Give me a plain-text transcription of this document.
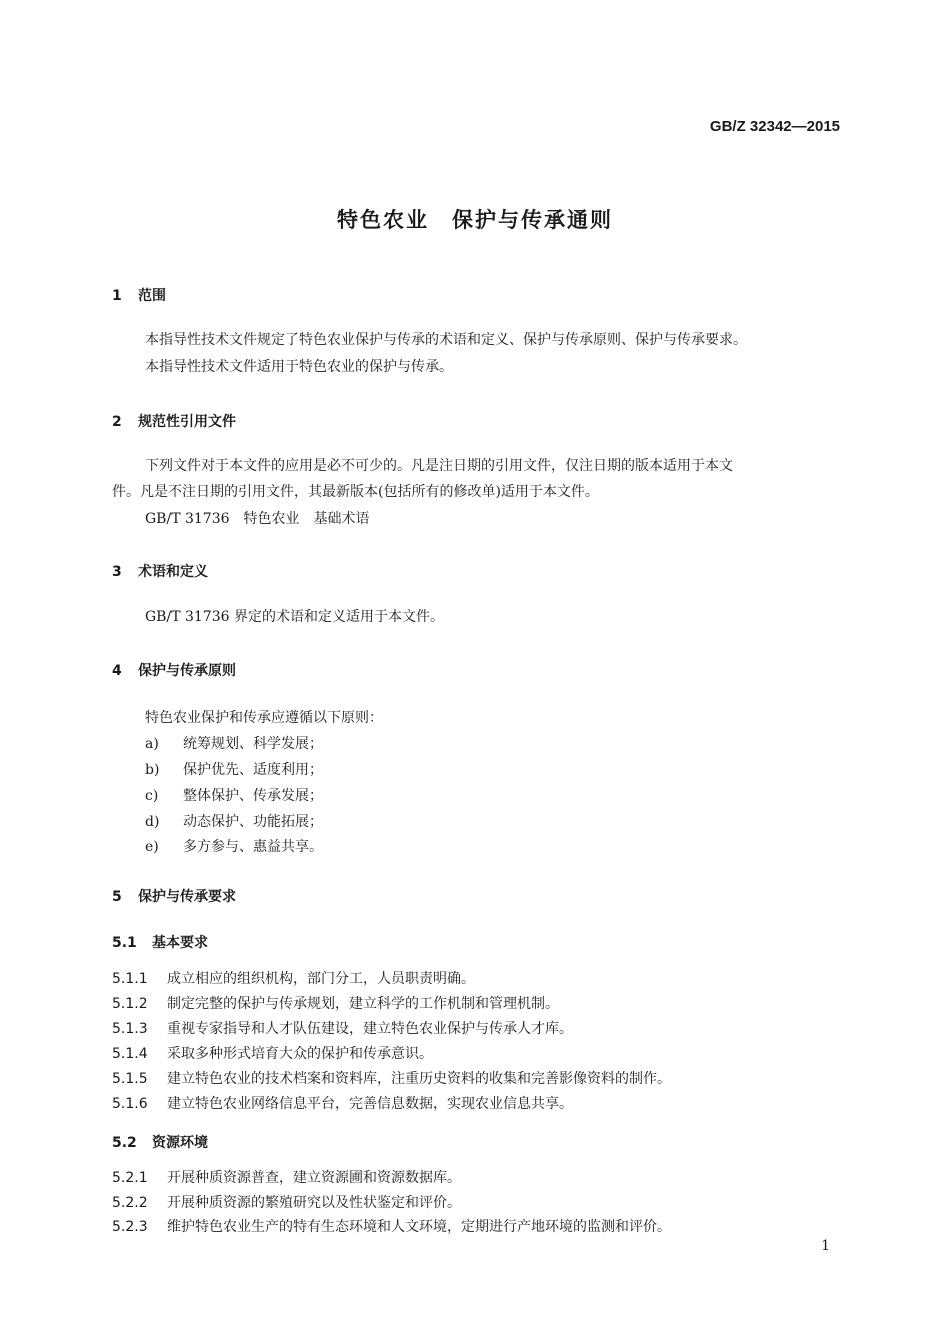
GB/Z 32342—2015
特色农业　保护与传承通则
1 范围
本指导性技术文件规定了特色农业保护与传承的术语和定义、保护与传承原则、保护与传承要求。
本指导性技术文件适用于特色农业的保护与传承。
2 规范性引用文件
下列文件对于本文件的应用是必不可少的。凡是注日期的引用文件，仅注日期的版本适用于本文
件。凡是不注日期的引用文件，其最新版本(包括所有的修改单)适用于本文件。
GB/T 31736　特色农业　基础术语
3 术语和定义
GB/T 31736 界定的术语和定义适用于本文件。
4 保护与传承原则
特色农业保护和传承应遵循以下原则：
a) 统筹规划、科学发展；
b) 保护优先、适度利用；
c) 整体保护、传承发展；
d) 动态保护、功能拓展；
e) 多方参与、惠益共享。
5 保护与传承要求
5.1 基本要求
5.1.1 成立相应的组织机构，部门分工，人员职责明确。
5.1.2 制定完整的保护与传承规划，建立科学的工作机制和管理机制。
5.1.3 重视专家指导和人才队伍建设，建立特色农业保护与传承人才库。
5.1.4 采取多种形式培育大众的保护和传承意识。
5.1.5 建立特色农业的技术档案和资料库，注重历史资料的收集和完善影像资料的制作。
5.1.6 建立特色农业网络信息平台，完善信息数据，实现农业信息共享。
5.2 资源环境
5.2.1 开展种质资源普查，建立资源圃和资源数据库。
5.2.2 开展种质资源的繁殖研究以及性状鉴定和评价。
5.2.3 维护特色农业生产的特有生态环境和人文环境，定期进行产地环境的监测和评价。
1
